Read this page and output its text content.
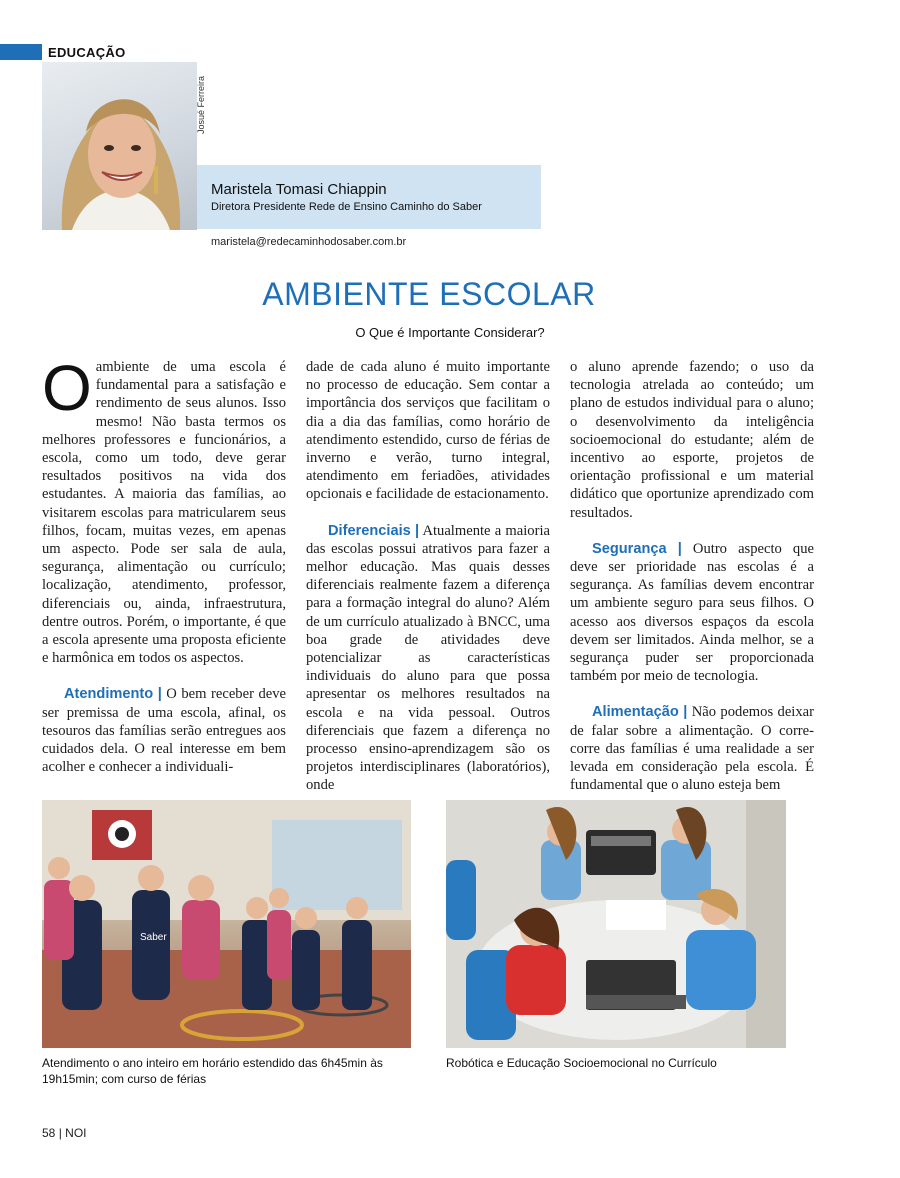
EDUCAÇÃO
Josué Ferreira
Maristela Tomasi Chiappin
Diretora Presidente Rede de Ensino Caminho do Saber
maristela@redecaminhodosaber.com.br
AMBIENTE ESCOLAR
O Que é Importante Considerar?

O ambiente de uma escola é fundamental para a satisfação e rendimento de seus alunos. Isso mesmo! Não basta termos os melhores professores e funcionários, a escola, como um todo, deve gerar resultados positivos na vida dos estudantes. A maioria das famílias, ao visitarem escolas para matricularem seus filhos, focam, muitas vezes, em apenas um aspecto. Pode ser sala de aula, segurança, alimentação ou currículo; localização, atendimento, professor, diferenciais ou, ainda, infraestrutura, dentre outros. Porém, o importante, é que a escola apresente uma proposta eficiente e harmônica em todos os aspectos.

Atendimento | O bem receber deve ser premissa de uma escola, afinal, os tesouros das famílias serão entregues aos cuidados dela. O real interesse em bem acolher e conhecer a individuali-

dade de cada aluno é muito importante no processo de educação. Sem contar a importância dos serviços que facilitam o dia a dia das famílias, como horário de atendimento estendido, curso de férias de inverno e verão, turno integral, atendimento em feriadões, atividades opcionais e facilidade de estacionamento.

Diferenciais | Atualmente a maioria das escolas possui atrativos para fazer a melhor educação. Mas quais desses diferenciais realmente fazem a diferença para a formação integral do aluno? Além de um currículo atualizado à BNCC, uma boa grade de atividades deve potencializar as características individuais do aluno para que possa apresentar os melhores resultados na escola e na vida pessoal. Outros diferenciais que fazem a diferença no processo ensino-aprendizagem são os projetos interdisciplinares (laboratórios), onde

o aluno aprende fazendo; o uso da tecnologia atrelada ao conteúdo; um plano de estudos individual para o aluno; o desenvolvimento da inteligência socioemocional do estudante; além de incentivo ao esporte, projetos de orientação profissional e um material didático que oportunize aprendizado com resultados.

Segurança | Outro aspecto que deve ser prioridade nas escolas é a segurança. As famílias devem encontrar um ambiente seguro para seus filhos. O acesso aos diversos espaços da escola devem ser limitados. Ainda melhor, se a segurança puder ser proporcionada também por meio de tecnologia.

Alimentação | Não podemos deixar de falar sobre a alimentação. O corre-corre das famílias é uma realidade a ser levada em consideração pela escola. É fundamental que o aluno esteja bem

Saber
Atendimento o ano inteiro em horário estendido das 6h45min às 19h15min; com curso de férias
Robótica e Educação Socioemocional no Currículo
58 | NOI
